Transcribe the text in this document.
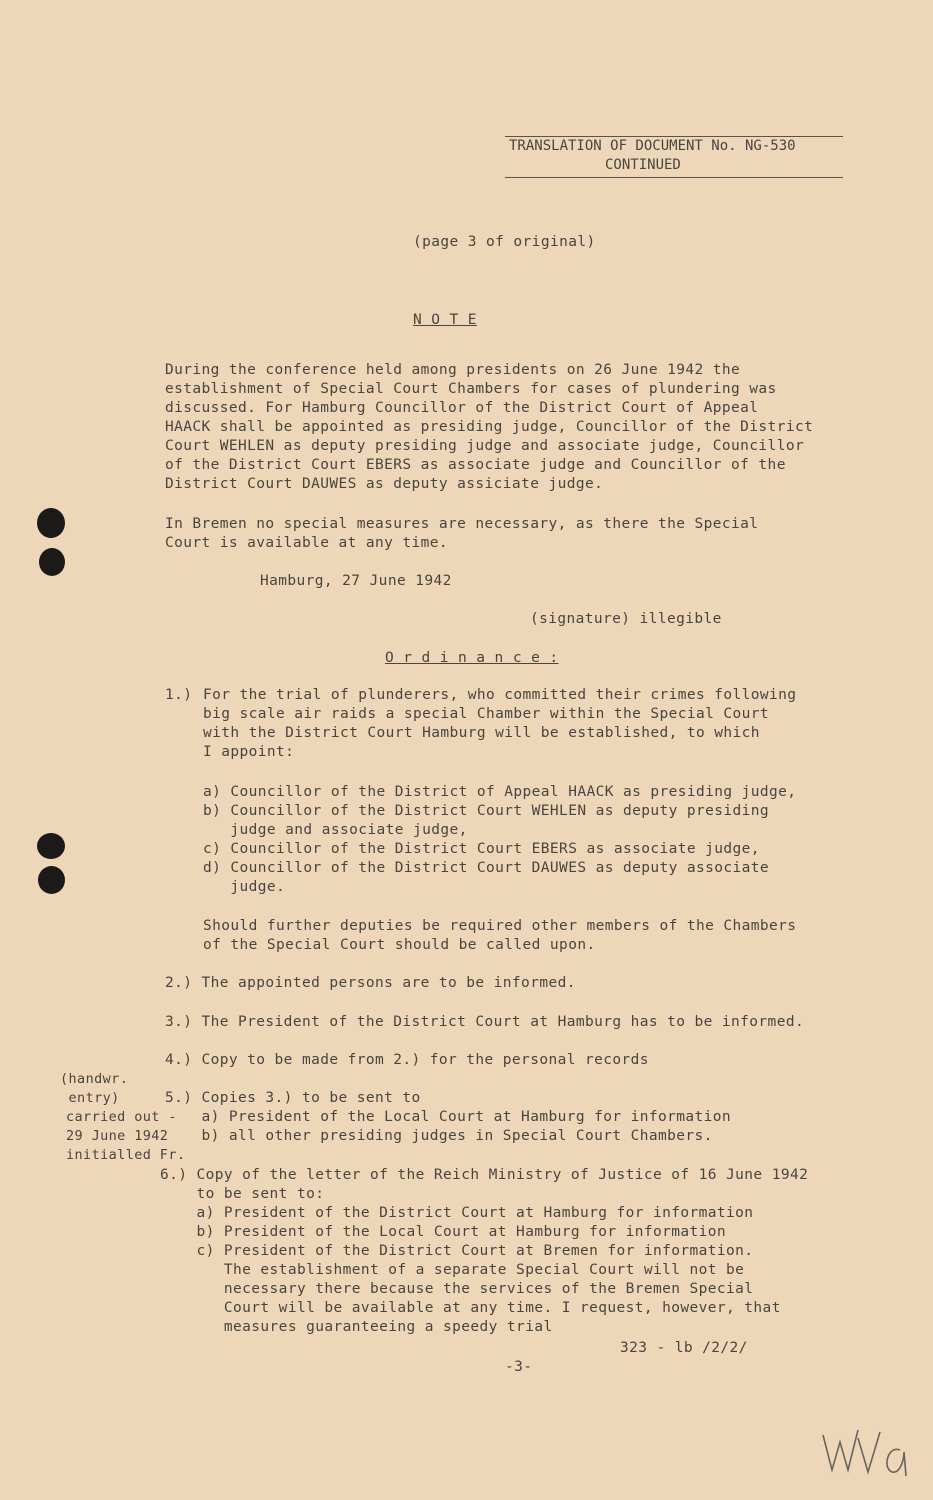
TRANSLATION OF DOCUMENT No. NG-530
CONTINUED
(page 3 of original)
N O T E
During the conference held among presidents on 26 June 1942 the
establishment of Special Court Chambers for cases of plundering was
discussed. For Hamburg Councillor of the District Court of Appeal
HAACK shall be appointed as presiding judge, Councillor of the District
Court WEHLEN as deputy presiding judge and associate judge, Councillor
of the District Court EBERS as associate judge and Councillor of the
District Court DAUWES as deputy assiciate judge.
In Bremen no special measures are necessary, as there the Special
Court is available at any time.
Hamburg, 27 June 1942
(signature) illegible
O r d i n a n c e :
1.) For the trial of plunderers, who committed their crimes following
big scale air raids a special Chamber within the Special Court
with the District Court Hamburg will be established, to which
I appoint:
a) Councillor of the District of Appeal HAACK as presiding judge,
b) Councillor of the District Court WEHLEN as deputy presiding
judge and associate judge,
c) Councillor of the District Court EBERS as associate judge,
d) Councillor of the District Court DAUWES as deputy associate
judge.
Should further deputies be required other members of the Chambers
of the Special Court should be called upon.
2.) The appointed persons are to be informed.
3.) The President of the District Court at Hamburg has to be informed.
4.) Copy to be made from 2.) for the personal records
(handwr.
entry)
carried out -
29 June 1942
initialled Fr.
5.) Copies 3.) to be sent to
a) President of the Local Court at Hamburg for information
b) all other presiding judges in Special Court Chambers.
6.) Copy of the letter of the Reich Ministry of Justice of 16 June 1942
to be sent to:
a) President of the District Court at Hamburg for information
b) President of the Local Court at Hamburg for information
c) President of the District Court at Bremen for information.
The establishment of a separate Special Court will not be
necessary there because the services of the Bremen Special
Court will be available at any time. I request, however, that
measures guaranteeing a speedy trial
323 - lb /2/2/
-3-
WVa
